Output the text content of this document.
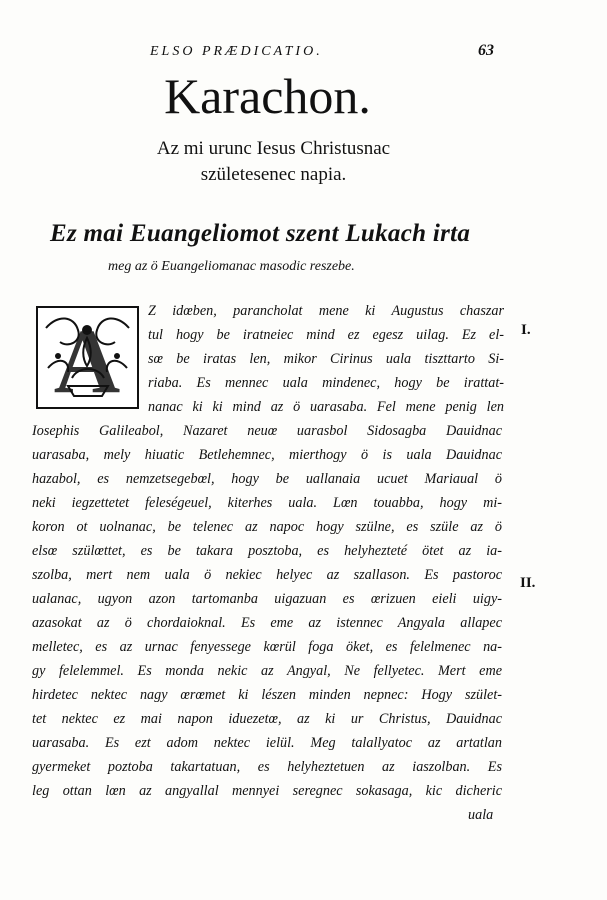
ELSO PRÆDICATIO.	63
Karachon.
Az mi urunc Iesus Christusnac
születesenec napia.
Ez mai Euangeliomot szent Lukach irta
meg az ö Euangeliomanac masodic reszebe.
A	I.
II.
Z idœben, parancholat mene ki Augustus chaszar
tul hogy be iratneiec mind ez egesz uilag. Ez el-
sœ be iratas len, mikor Cirinus uala tiszttarto Si-
riaba. Es mennec uala mindenec, hogy be irattat-
nanac ki ki mind az ö uarasaba. Fel mene penig len
Iosephis Galileabol, Nazaret neuœ uarasbol Sidosagba Dauidnac
uarasaba, mely hiuatic Betlehemnec, mierthogy ö is uala Dauidnac
hazabol, es nemzetsegebœl, hogy be uallanaia ucuet Mariaual ö
neki iegzettetet feleségeuel, kiterhes uala. Lœn touabba, hogy mi-
koron ot uolnanac, be telenec az napoc hogy szülne, es szüle az ö
elsœ szülœttet, es be takara posztoba, es helyhezteté ötet az ia-
szolba, mert nem uala ö nekiec helyec az szallason. Es pastoroc
ualanac, ugyon azon tartomanba uigazuan es œrizuen eieli uigy-
azasokat az ö chordaioknal. Es eme az istennec Angyala allapec
melletec, es az urnac fenyessege kœrül foga öket, es felelmenec na-
gy felelemmel. Es monda nekic az Angyal, Ne fellyetec. Mert eme
hirdetec nektec nagy œrœmet ki lészen minden nepnec: Hogy szület-
tet nektec ez mai napon iduezetœ, az ki ur Christus, Dauidnac
uarasaba. Es ezt adom nektec ielül. Meg talallyatoc az artatlan
gyermeket poztoba takartatuan, es helyheztetuen az iaszolban. Es
leg ottan lœn az angyallal mennyei seregnec sokasaga, kic dicheric
uala
